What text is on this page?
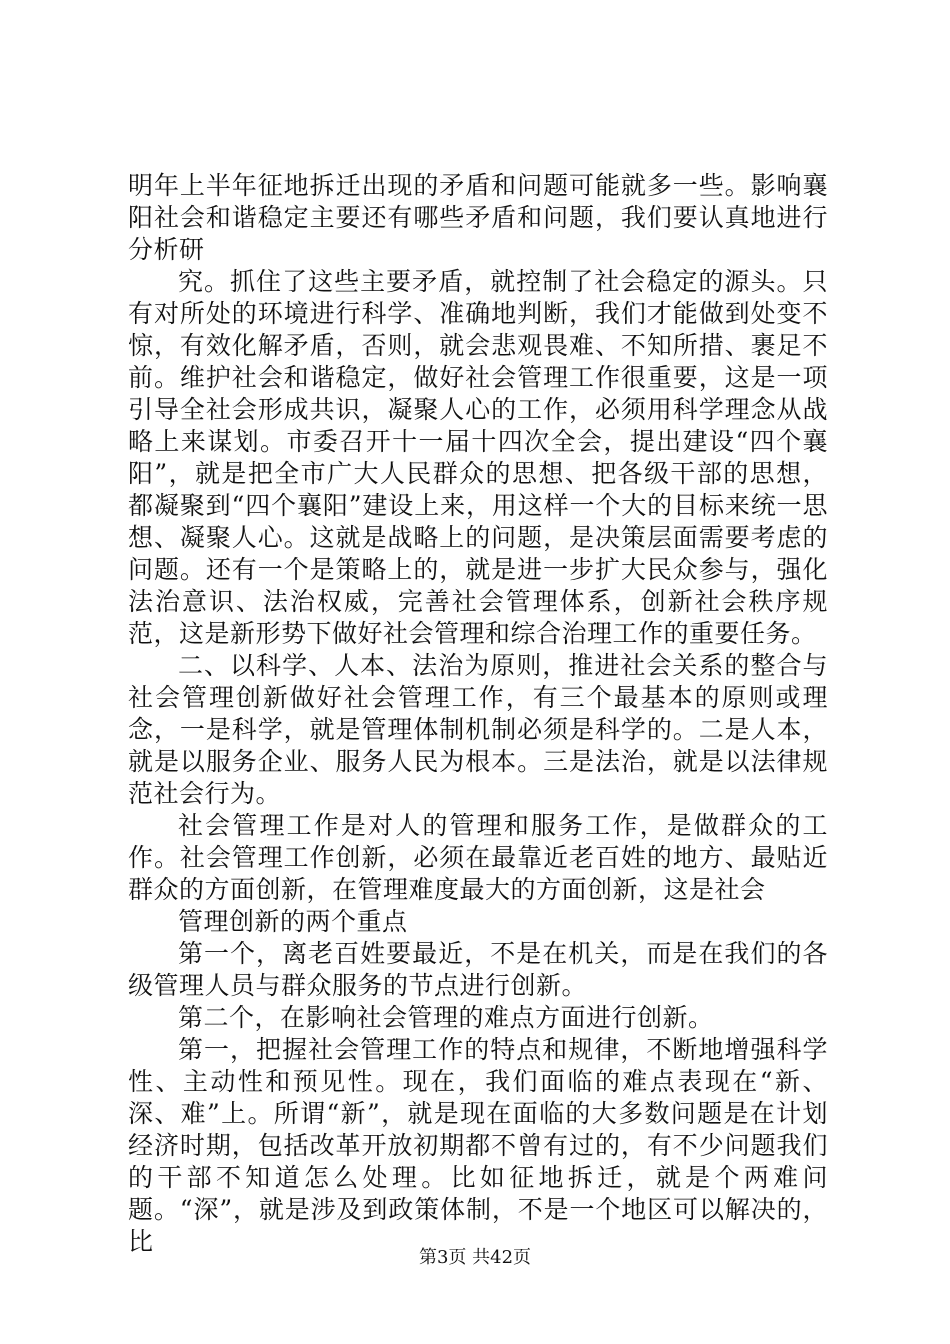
明年上半年征地拆迁出现的矛盾和问题可能就多一些。影响襄阳社会和谐稳定主要还有哪些矛盾和问题，我们要认真地进行分析研

究。抓住了这些主要矛盾，就控制了社会稳定的源头。只有对所处的环境进行科学、准确地判断，我们才能做到处变不惊，有效化解矛盾，否则，就会悲观畏难、不知所措、裹足不前。维护社会和谐稳定，做好社会管理工作很重要，这是一项引导全社会形成共识，凝聚人心的工作，必须用科学理念从战略上来谋划。市委召开十一届十四次全会，提出建设“四个襄阳”，就是把全市广大人民群众的思想、把各级干部的思想，都凝聚到“四个襄阳”建设上来，用这样一个大的目标来统一思想、凝聚人心。这就是战略上的问题，是决策层面需要考虑的问题。还有一个是策略上的，就是进一步扩大民众参与，强化法治意识、法治权威，完善社会管理体系，创新社会秩序规范，这是新形势下做好社会管理和综合治理工作的重要任务。

二、以科学、人本、法治为原则，推进社会关系的整合与社会管理创新做好社会管理工作，有三个最基本的原则或理念，一是科学，就是管理体制机制必须是科学的。二是人本，就是以服务企业、服务人民为根本。三是法治，就是以法律规范社会行为。

社会管理工作是对人的管理和服务工作，是做群众的工作。社会管理工作创新，必须在最靠近老百姓的地方、最贴近群众的方面创新，在管理难度最大的方面创新，这是社会

管理创新的两个重点

第一个，离老百姓要最近，不是在机关，而是在我们的各级管理人员与群众服务的节点进行创新。

第二个，在影响社会管理的难点方面进行创新。

第一，把握社会管理工作的特点和规律，不断地增强科学性、主动性和预见性。现在，我们面临的难点表现在“新、深、难”上。所谓“新”，就是现在面临的大多数问题是在计划经济时期，包括改革开放初期都不曾有过的，有不少问题我们的干部不知道怎么处理。比如征地拆迁，就是个两难问题。“深”，就是涉及到政策体制，不是一个地区可以解决的，比

第3页 共42页
